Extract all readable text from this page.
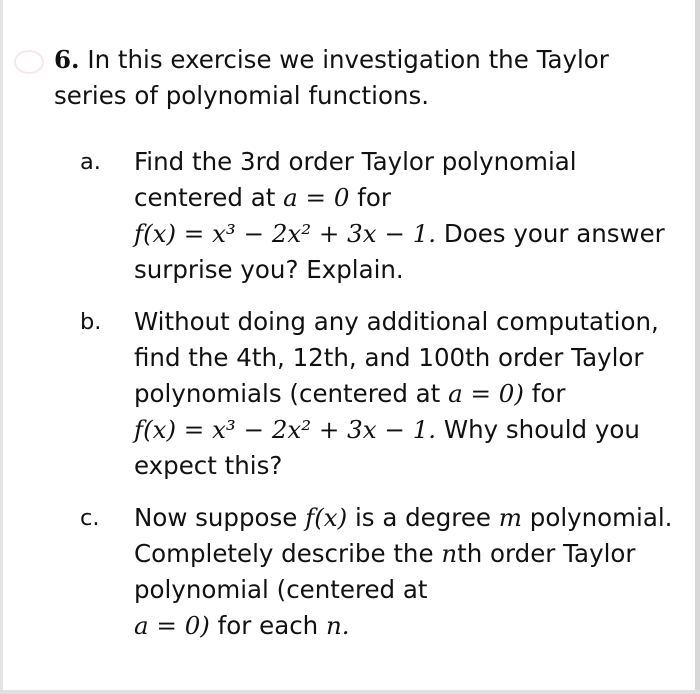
6. In this exercise we investigation the Taylor series of polynomial functions.
a.	Find the 3rd order Taylor polynomial centered at a = 0 for
f(x) = x³ − 2x² + 3x − 1. Does your answer surprise you? Explain.
b.	Without doing any additional computation, find the 4th, 12th, and 100th order Taylor polynomials (centered at a = 0) for
f(x) = x³ − 2x² + 3x − 1. Why should you expect this?
c.	Now suppose f(x) is a degree m polynomial. Completely describe the nth order Taylor polynomial (centered at
a = 0) for each n.
